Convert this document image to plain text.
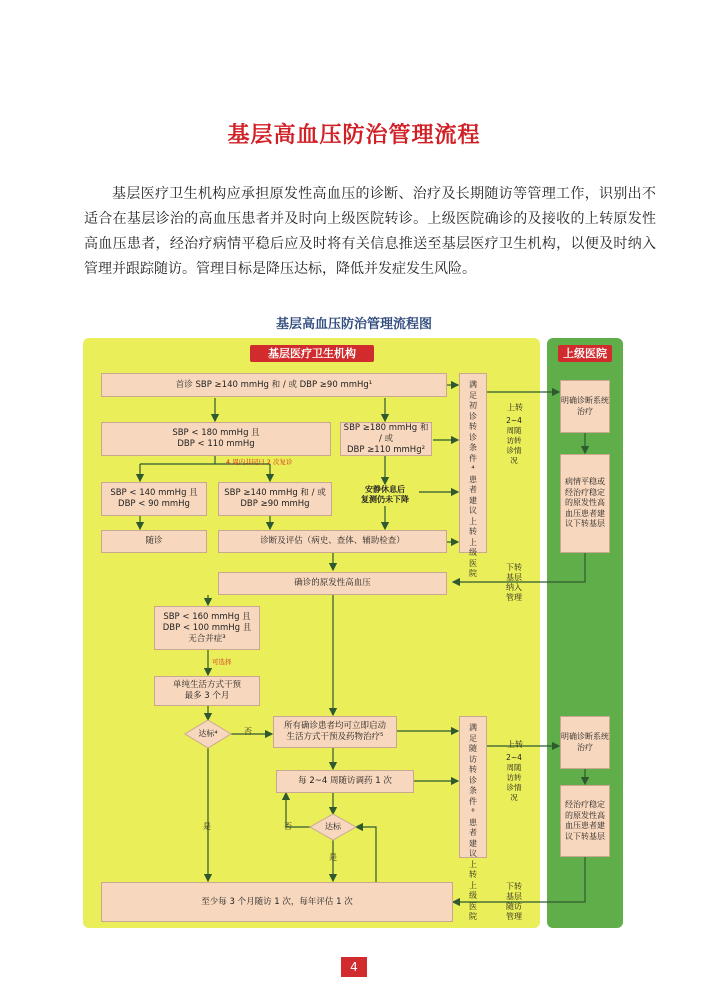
基层高血压防治管理流程
基层医疗卫生机构应承担原发性高血压的诊断、治疗及长期随访等管理工作，识别出不适合在基层诊治的高血压患者并及时向上级医院转诊。上级医院确诊的及接收的上转原发性高血压患者，经治疗病情平稳后应及时将有关信息推送至基层医疗卫生机构，以便及时纳入管理并跟踪随访。管理目标是降压达标，降低并发症发生风险。
基层高血压防治管理流程图
基层医疗卫生机构	上级医院
首诊 SBP ≥140 mmHg 和 / 或 DBP ≥90 mmHg¹
SBP < 180 mmHg 且
DBP < 110 mmHg
SBP ≥180 mmHg 和 / 或
DBP ≥110 mmHg²
4 周内非同日 2 次复诊
SBP < 140 mmHg 且
DBP < 90 mmHg
SBP ≥140 mmHg 和 / 或
DBP ≥90 mmHg
安静休息后
复测仍未下降
随诊	诊断及评估（病史、查体、辅助检查）
确诊的原发性高血压
SBP < 160 mmHg 且
DBP < 100 mmHg 且
无合并症³
可选择
单纯生活方式干预
最多 3 个月
达标⁴
达标
否
否
是
是
所有确诊患者均可立即启动
生活方式干预及药物治疗⁵
每 2~4 周随访调药 1 次
至少每 3 个月随访 1 次，每年评估 1 次
满足初诊转诊条件⁴患者建议上转上级医院
满足随访转诊条件⁶患者建议上转上级医院
上转
2~4周随访转诊情况
下转基层纳入管理
上转
2~4周随访转诊情况
下转基层随访管理
明确诊断系统治疗
病情平稳或经治疗稳定的原发性高血压患者建议下转基层
明确诊断系统治疗
经治疗稳定的原发性高血压患者建议下转基层
4
